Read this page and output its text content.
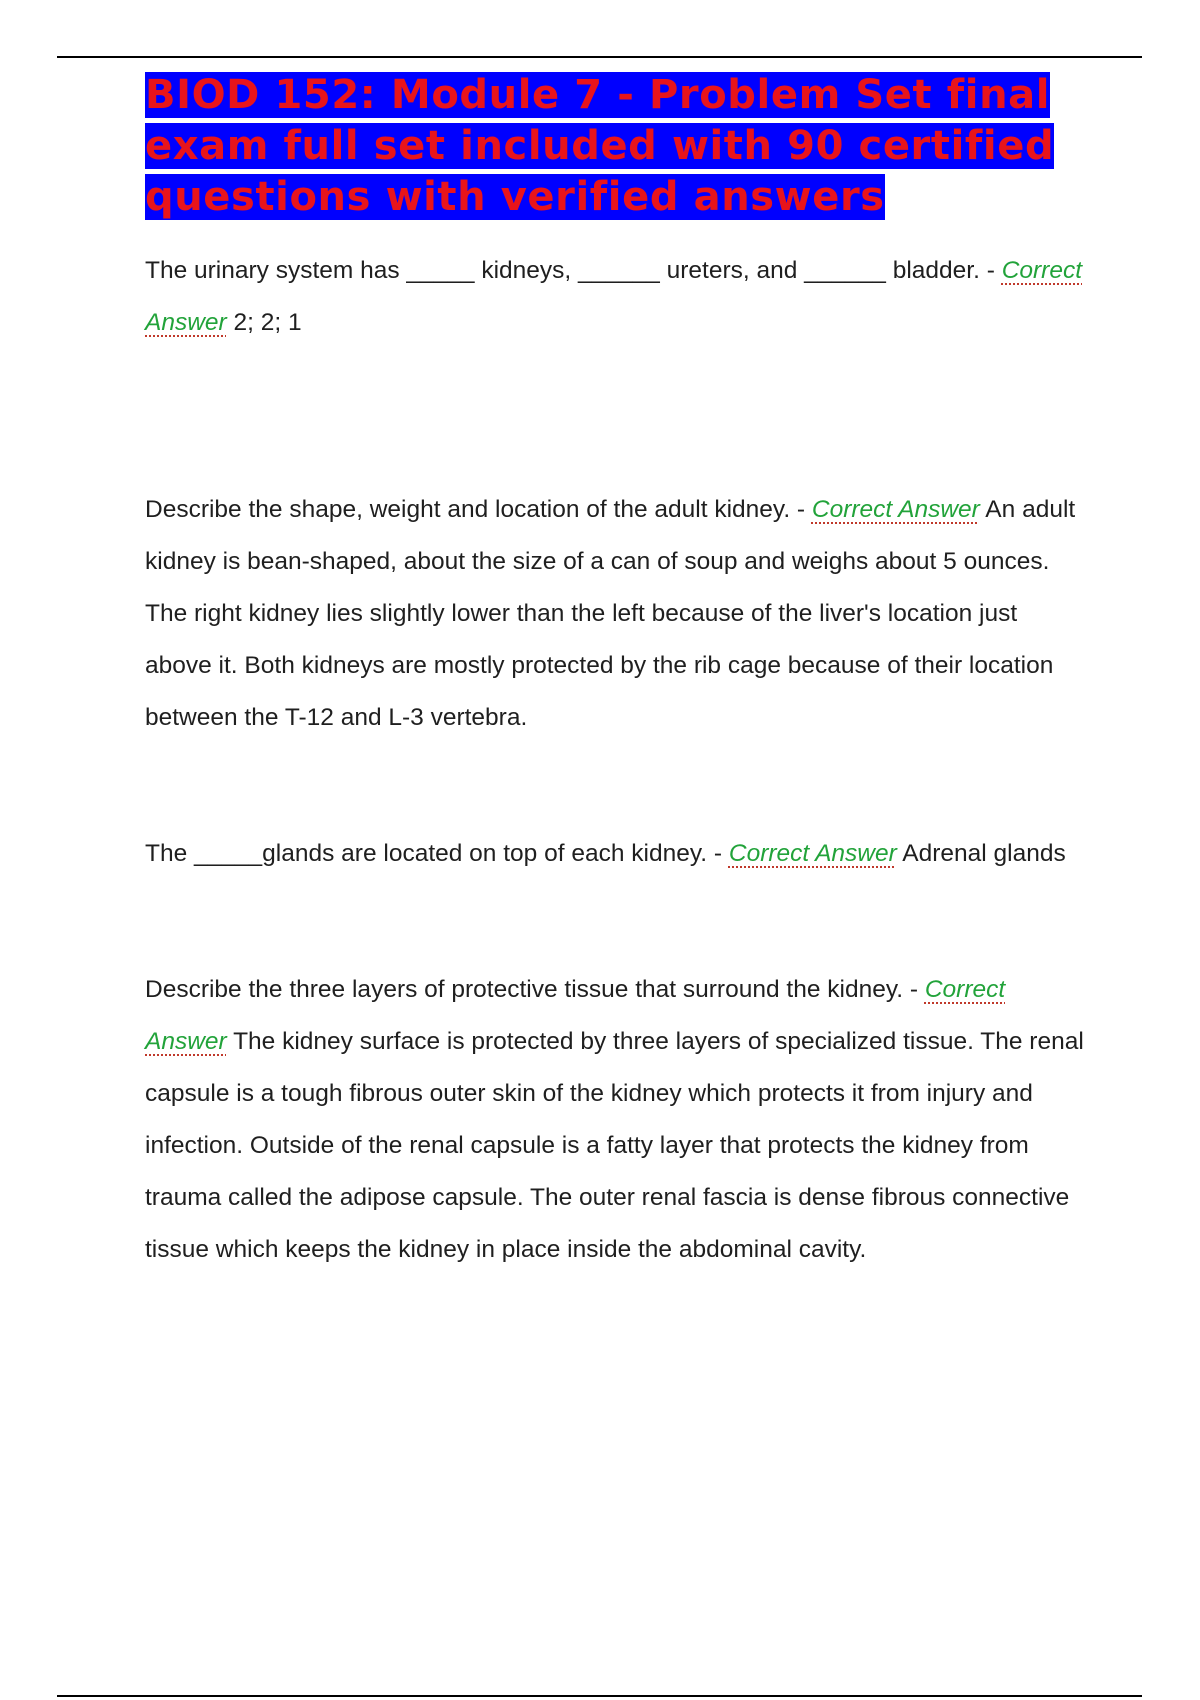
BIOD 152: Module 7 - Problem Set final exam full set included with 90 certified questions with verified answers

The urinary system has _____ kidneys, ______ ureters, and ______ bladder. - Correct Answer 2; 2; 1

Describe the shape, weight and location of the adult kidney. - Correct Answer An adult kidney is bean-shaped, about the size of a can of soup and weighs about 5 ounces. The right kidney lies slightly lower than the left because of the liver's location just above it. Both kidneys are mostly protected by the rib cage because of their location between the T-12 and L-3 vertebra.

The _____glands are located on top of each kidney. - Correct Answer Adrenal glands

Describe the three layers of protective tissue that surround the kidney. - Correct Answer The kidney surface is protected by three layers of specialized tissue. The renal capsule is a tough fibrous outer skin of the kidney which protects it from injury and infection. Outside of the renal capsule is a fatty layer that protects the kidney from trauma called the adipose capsule. The outer renal fascia is dense fibrous connective tissue which keeps the kidney in place inside the abdominal cavity.
